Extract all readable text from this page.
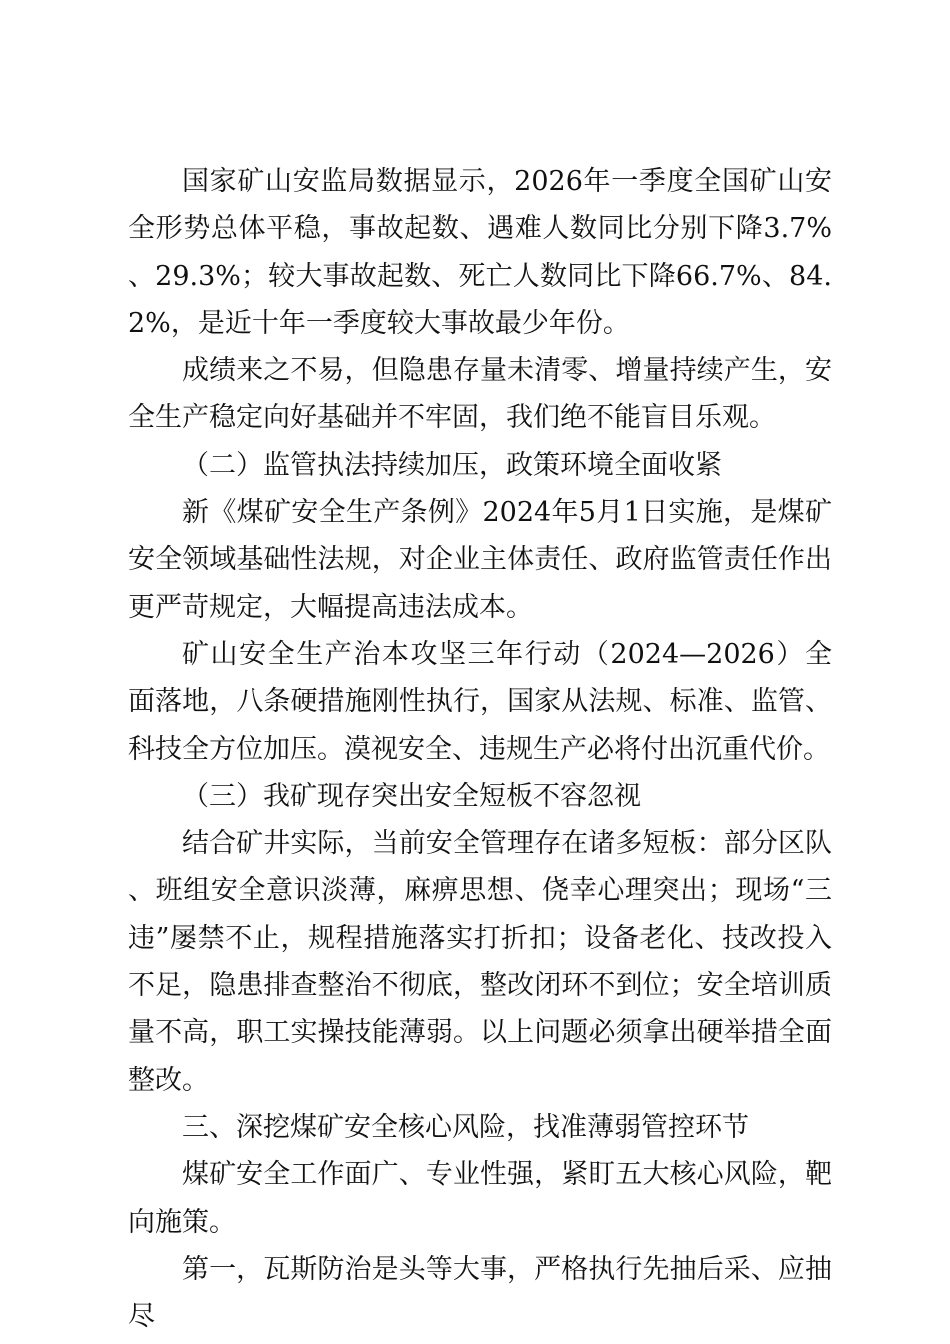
国家矿山安监局数据显示，2026年一季度全国矿山安全形势总体平稳，事故起数、遇难人数同比分别下降3.7%、29.3%；较大事故起数、死亡人数同比下降66.7%、84.2%，是近十年一季度较大事故最少年份。

成绩来之不易，但隐患存量未清零、增量持续产生，安全生产稳定向好基础并不牢固，我们绝不能盲目乐观。

（二）监管执法持续加压，政策环境全面收紧

新《煤矿安全生产条例》2024年5月1日实施，是煤矿安全领域基础性法规，对企业主体责任、政府监管责任作出更严苛规定，大幅提高违法成本。

矿山安全生产治本攻坚三年行动（2024—2026）全面落地，八条硬措施刚性执行，国家从法规、标准、监管、科技全方位加压。漠视安全、违规生产必将付出沉重代价。

（三）我矿现存突出安全短板不容忽视

结合矿井实际，当前安全管理存在诸多短板：部分区队、班组安全意识淡薄，麻痹思想、侥幸心理突出；现场“三违”屡禁不止，规程措施落实打折扣；设备老化、技改投入不足，隐患排查整治不彻底，整改闭环不到位；安全培训质量不高，职工实操技能薄弱。以上问题必须拿出硬举措全面整改。

三、深挖煤矿安全核心风险，找准薄弱管控环节

煤矿安全工作面广、专业性强，紧盯五大核心风险，靶向施策。

第一，瓦斯防治是头等大事，严格执行先抽后采、应抽尽
